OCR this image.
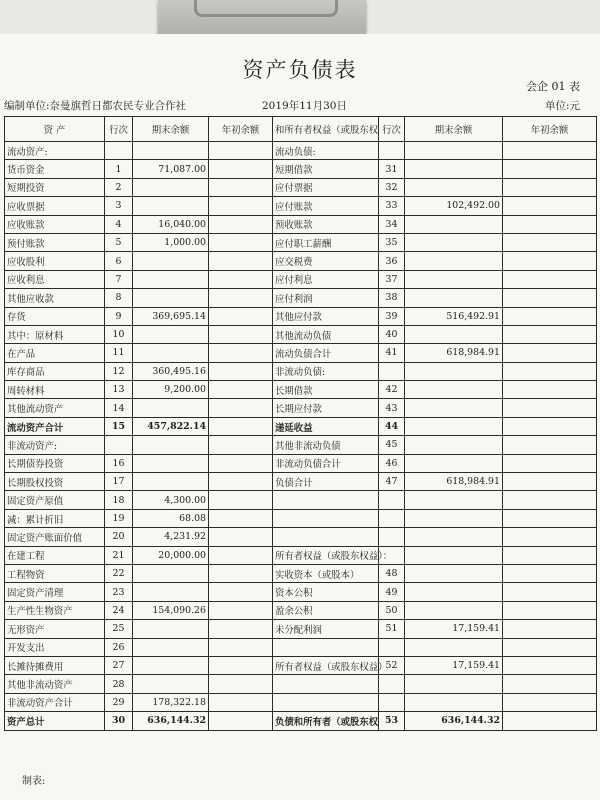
资产负债表
会企 01 表
编制单位:奈曼旗哲日都农民专业合作社	2019年11月30日	单位:元
资 产	行次	期末余额	年初余额	和所有者权益（或股东权	行次	期末余额	年初余额
流动资产:				流动负债:			
货币资金	1	71,087.00		短期借款	31		
短期投资	2			应付票据	32		
应收票据	3			应付账款	33	102,492.00	
应收账款	4	16,040.00		预收账款	34		
预付账款	5	1,000.00		应付职工薪酬	35		
应收股利	6			应交税费	36		
应收利息	7			应付利息	37		
其他应收款	8			应付利润	38		
存货	9	369,695.14		其他应付款	39	516,492.91	
其中：原材料	10			其他流动负债	40		
在产品	11			流动负债合计	41	618,984.91	
库存商品	12	360,495.16		非流动负债:			
周转材料	13	9,200.00		长期借款	42		
其他流动资产	14			长期应付款	43		
流动资产合计	15	457,822.14		递延收益	44		
非流动资产:				其他非流动负债	45		
长期债券投资	16			非流动负债合计	46		
长期股权投资	17			负债合计	47	618,984.91	
固定资产原值	18	4,300.00					
减：累计折旧	19	68.08					
固定资产账面价值	20	4,231.92					
在建工程	21	20,000.00		所有者权益（或股东权益）：			
工程物资	22			实收资本（或股本）	48		
固定资产清理	23			资本公积	49		
生产性生物资产	24	154,090.26		盈余公积	50		
无形资产	25			未分配利润	51	17,159.41	
开发支出	26						
长摊待摊费用	27			所有者权益（或股东权益）	52	17,159.41	
其他非流动资产	28						
非流动资产合计	29	178,322.18					
资产总计	30	636,144.32		负债和所有者（或股东权	53	636,144.32	
制表:
